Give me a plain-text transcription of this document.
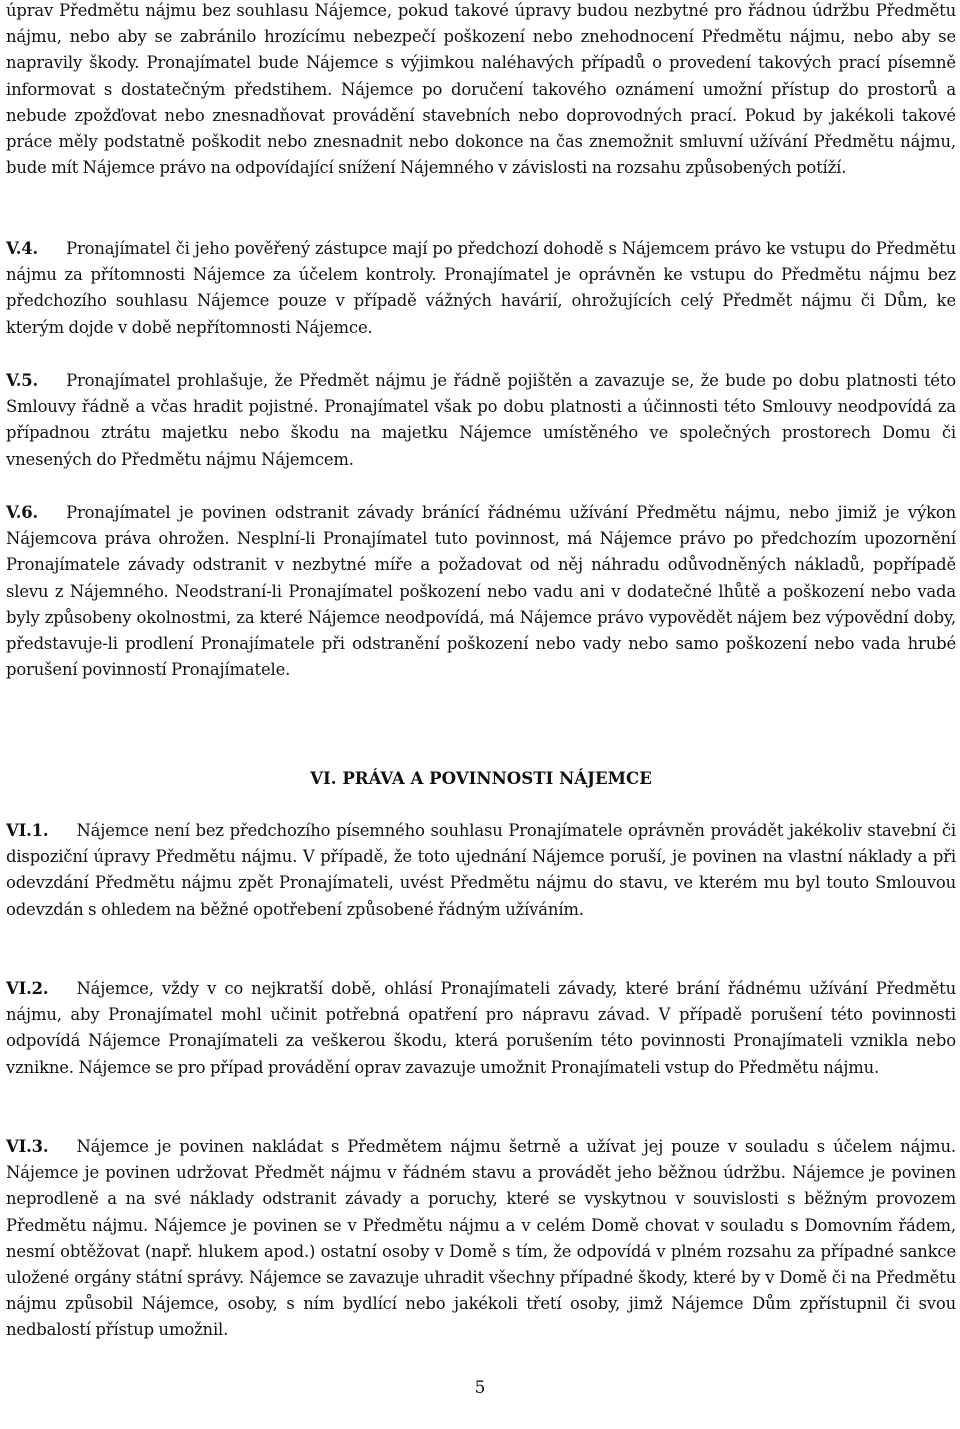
úprav Předmětu nájmu bez souhlasu Nájemce, pokud takové úpravy budou nezbytné pro řádnou údržbu Předmětu nájmu, nebo aby se zabránilo hrozícímu nebezpečí poškození nebo znehodnocení Předmětu nájmu, nebo aby se napravily škody. Pronajímatel bude Nájemce s výjimkou naléhavých případů o provedení takových prací písemně informovat s dostatečným předstihem. Nájemce po doručení takového oznámení umožní přístup do prostorů a nebude zpožďovat nebo znesnadňovat provádění stavebních nebo doprovodných prací. Pokud by jakékoli takové práce měly podstatně poškodit nebo znesnadnit nebo dokonce na čas znemožnit smluvní užívání Předmětu nájmu, bude mít Nájemce právo na odpovídající snížení Nájemného v závislosti na rozsahu způsobených potíží.

V.4. Pronajímatel či jeho pověřený zástupce mají po předchozí dohodě s Nájemcem právo ke vstupu do Předmětu nájmu za přítomnosti Nájemce za účelem kontroly. Pronajímatel je oprávněn ke vstupu do Předmětu nájmu bez předchozího souhlasu Nájemce pouze v případě vážných havárií, ohrožujících celý Předmět nájmu či Dům, ke kterým dojde v době nepřítomnosti Nájemce.

V.5. Pronajímatel prohlašuje, že Předmět nájmu je řádně pojištěn a zavazuje se, že bude po dobu platnosti této Smlouvy řádně a včas hradit pojistné. Pronajímatel však po dobu platnosti a účinnosti této Smlouvy neodpovídá za případnou ztrátu majetku nebo škodu na majetku Nájemce umístěného ve společných prostorech Domu či vnesených do Předmětu nájmu Nájemcem.

V.6. Pronajímatel je povinen odstranit závady bránící řádnému užívání Předmětu nájmu, nebo jimiž je výkon Nájemcova práva ohrožen. Nesplní-li Pronajímatel tuto povinnost, má Nájemce právo po předchozím upozornění Pronajímatele závady odstranit v nezbytné míře a požadovat od něj náhradu odůvodněných nákladů, popřípadě slevu z Nájemného. Neodstraní-li Pronajímatel poškození nebo vadu ani v dodatečné lhůtě a poškození nebo vada byly způsobeny okolnostmi, za které Nájemce neodpovídá, má Nájemce právo vypovědět nájem bez výpovědní doby, představuje-li prodlení Pronajímatele při odstranění poškození nebo vady nebo samo poškození nebo vada hrubé porušení povinností Pronajímatele.

VI. PRÁVA A POVINNOSTI NÁJEMCE

VI.1. Nájemce není bez předchozího písemného souhlasu Pronajímatele oprávněn provádět jakékoliv stavební či dispoziční úpravy Předmětu nájmu. V případě, že toto ujednání Nájemce poruší, je povinen na vlastní náklady a při odevzdání Předmětu nájmu zpět Pronajímateli, uvést Předmětu nájmu do stavu, ve kterém mu byl touto Smlouvou odevzdán s ohledem na běžné opotřebení způsobené řádným užíváním.

VI.2. Nájemce, vždy v co nejkratší době, ohlásí Pronajímateli závady, které brání řádnému užívání Předmětu nájmu, aby Pronajímatel mohl učinit potřebná opatření pro nápravu závad. V případě porušení této povinnosti odpovídá Nájemce Pronajímateli za veškerou škodu, která porušením této povinnosti Pronajímateli vznikla nebo vznikne. Nájemce se pro případ provádění oprav zavazuje umožnit Pronajímateli vstup do Předmětu nájmu.

VI.3. Nájemce je povinen nakládat s Předmětem nájmu šetrně a užívat jej pouze v souladu s účelem nájmu. Nájemce je povinen udržovat Předmět nájmu v řádném stavu a provádět jeho běžnou údržbu. Nájemce je povinen neprodleně a na své náklady odstranit závady a poruchy, které se vyskytnou v souvislosti s běžným provozem Předmětu nájmu. Nájemce je povinen se v Předmětu nájmu a v celém Domě chovat v souladu s Domovním řádem, nesmí obtěžovat (např. hlukem apod.) ostatní osoby v Domě s tím, že odpovídá v plném rozsahu za případné sankce uložené orgány státní správy. Nájemce se zavazuje uhradit všechny případné škody, které by v Domě či na Předmětu nájmu způsobil Nájemce, osoby, s ním bydlící nebo jakékoli třetí osoby, jimž Nájemce Dům zpřístupnil či svou nedbalostí přístup umožnil.

5
